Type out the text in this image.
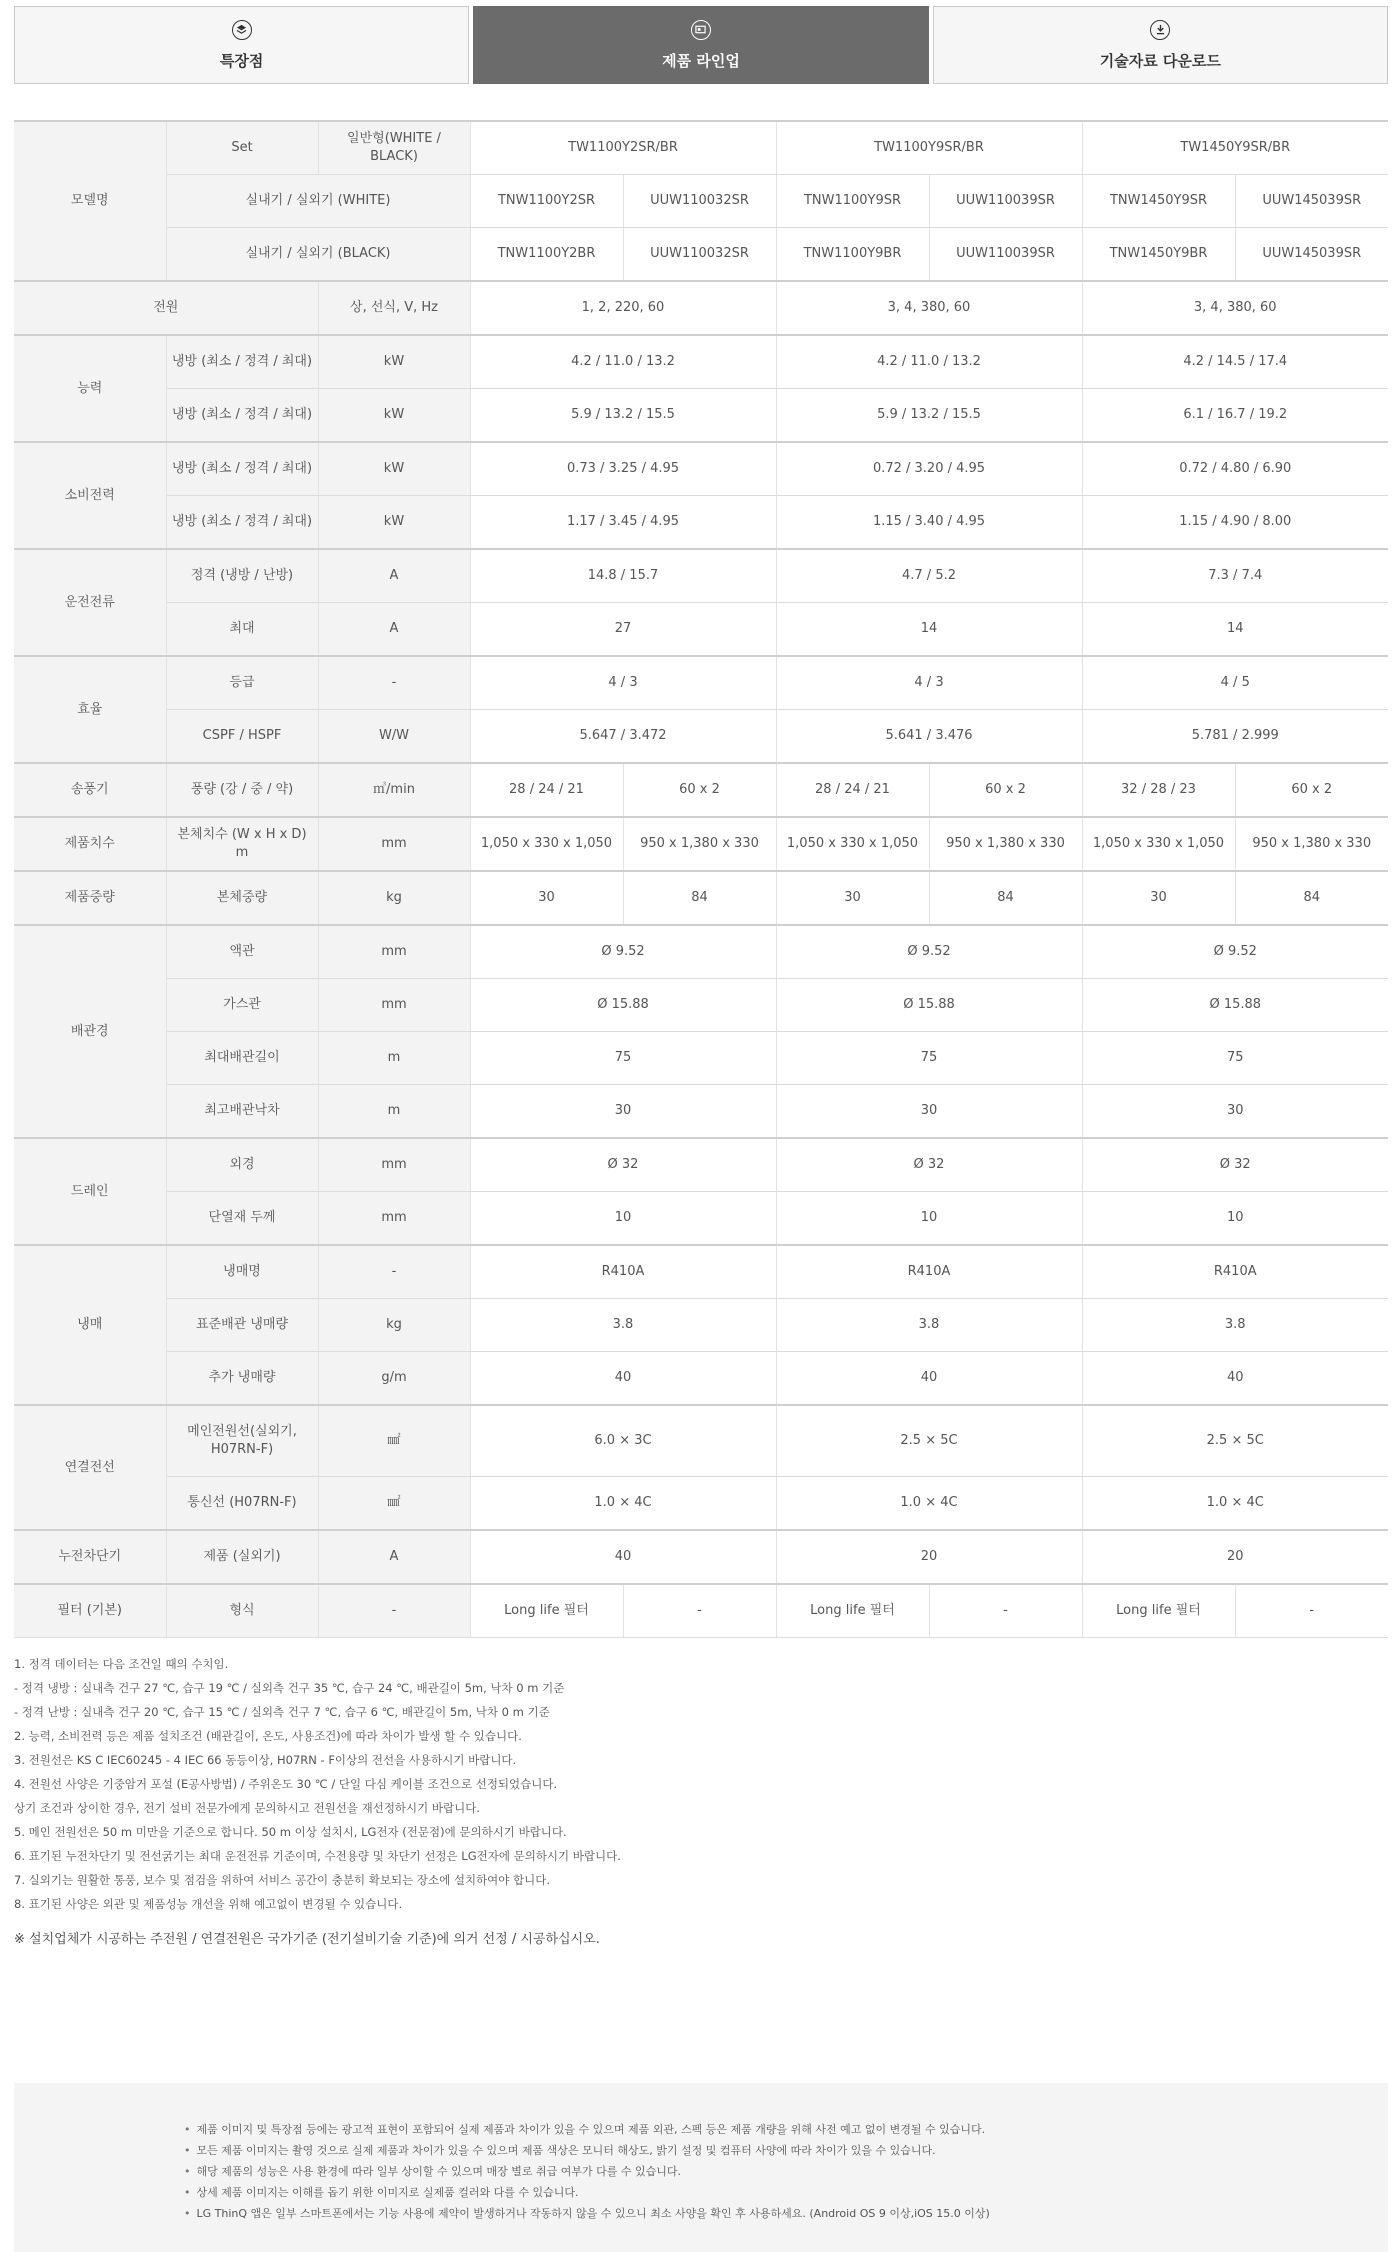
특장점	제품 라인업	기술자료 다운로드
모델명	Set	일반형(WHITE / BLACK)	TW1100Y2SR/BR		TW1100Y9SR/BR		TW1450Y9SR/BR	
	실내기 / 실외기 (WHITE)		TNW1100Y2SR	UUW110032SR	TNW1100Y9SR	UUW110039SR	TNW1450Y9SR	UUW145039SR
	실내기 / 실외기 (BLACK)		TNW1100Y2BR	UUW110032SR	TNW1100Y9BR	UUW110039SR	TNW1450Y9BR	UUW145039SR
전원		상, 선식, V, Hz	1, 2, 220, 60		3, 4, 380, 60		3, 4, 380, 60	
능력	냉방 (최소 / 정격 / 최대)	kW	4.2 / 11.0 / 13.2		4.2 / 11.0 / 13.2		4.2 / 14.5 / 17.4	
	냉방 (최소 / 정격 / 최대)	kW	5.9 / 13.2 / 15.5		5.9 / 13.2 / 15.5		6.1 / 16.7 / 19.2	
소비전력	냉방 (최소 / 정격 / 최대)	kW	0.73 / 3.25 / 4.95		0.72 / 3.20 / 4.95		0.72 / 4.80 / 6.90	
	냉방 (최소 / 정격 / 최대)	kW	1.17 / 3.45 / 4.95		1.15 / 3.40 / 4.95		1.15 / 4.90 / 8.00	
운전전류	정격 (냉방 / 난방)	A	14.8 / 15.7		4.7 / 5.2		7.3 / 7.4	
	최대	A	27		14		14	
효율	등급	-	4 / 3		4 / 3		4 / 5	
	CSPF / HSPF	W/W	5.647 / 3.472		5.641 / 3.476		5.781 / 2.999	
송풍기	풍량 (강 / 중 / 약)	㎥/min	28 / 24 / 21	60 x 2	28 / 24 / 21	60 x 2	32 / 28 / 23	60 x 2
제품치수	본체치수 (W x H x D) m	mm	1,050 x 330 x 1,050	950 x 1,380 x 330	1,050 x 330 x 1,050	950 x 1,380 x 330	1,050 x 330 x 1,050	950 x 1,380 x 330
제품중량	본체중량	kg	30	84	30	84	30	84
배관경	액관	mm	Ø 9.52		Ø 9.52		Ø 9.52	
	가스관	mm	Ø 15.88		Ø 15.88		Ø 15.88	
	최대배관길이	m	75		75		75	
	최고배관낙차	m	30		30		30	
드레인	외경	mm	Ø 32		Ø 32		Ø 32	
	단열재 두께	mm	10		10		10	
냉매	냉매명	-	R410A		R410A		R410A	
	표준배관 냉매량	kg	3.8		3.8		3.8	
	추가 냉매량	g/m	40		40		40	
연결전선	메인전원선(실외기, H07RN-F)	㎟	6.0 × 3C		2.5 × 5C		2.5 × 5C	
	통신선 (H07RN-F)	㎟	1.0 × 4C		1.0 × 4C		1.0 × 4C	
누전차단기	제품 (실외기)	A	40		20		20	
필터 (기본)	형식	-	Long life 필터	-	Long life 필터	-	Long life 필터	-
1. 정격 데이터는 다음 조건일 때의 수치임.
- 정격 냉방 : 실내측 건구 27 ℃, 습구 19 ℃ / 실외측 건구 35 ℃, 습구 24 ℃, 배관길이 5m, 낙차 0 m 기준
- 정격 난방 : 실내측 건구 20 ℃, 습구 15 ℃ / 실외측 건구 7 ℃, 습구 6 ℃, 배관길이 5m, 낙차 0 m 기준
2. 능력, 소비전력 등은 제품 설치조건 (배관길이, 온도, 사용조건)에 따라 차이가 발생 할 수 있습니다.
3. 전원선은 KS C IEC60245 - 4 IEC 66 동등이상, H07RN - F이상의 전선을 사용하시기 바랍니다.
4. 전원선 사양은 기중암거 포설 (E공사방법) / 주위온도 30 ℃ / 단일 다심 케이블 조건으로 선정되었습니다.
상기 조건과 상이한 경우, 전기 설비 전문가에게 문의하시고 전원선을 재선정하시기 바랍니다.
5. 메인 전원선은 50 m 미만을 기준으로 합니다. 50 m 이상 설치시, LG전자 (전문점)에 문의하시기 바랍니다.
6. 표기된 누전차단기 및 전선굵기는 최대 운전전류 기준이며, 수전용량 및 차단기 선정은 LG전자에 문의하시기 바랍니다.
7. 실외기는 원활한 통풍, 보수 및 점검을 위하여 서비스 공간이 충분히 확보되는 장소에 설치하여야 합니다.
8. 표기된 사양은 외관 및 제품성능 개선을 위해 예고없이 변경될 수 있습니다.
※ 설치업체가 시공하는 주전원 / 연결전원은 국가기준 (전기설비기술 기준)에 의거 선정 / 시공하십시오.
• 제품 이미지 및 특장점 등에는 광고적 표현이 포함되어 실제 제품과 차이가 있을 수 있으며 제품 외관, 스펙 등은 제품 개량을 위해 사전 예고 없이 변경될 수 있습니다.
• 모든 제품 이미지는 촬영 것으로 실제 제품과 차이가 있을 수 있으며 제품 색상은 모니터 해상도, 밝기 설정 및 컴퓨터 사양에 따라 차이가 있을 수 있습니다.
• 해당 제품의 성능은 사용 환경에 따라 일부 상이할 수 있으며 매장 별로 취급 여부가 다를 수 있습니다.
• 상세 제품 이미지는 이해를 돕기 위한 이미지로 실제품 컬러와 다를 수 있습니다.
• LG ThinQ 앱은 일부 스마트폰에서는 기능 사용에 제약이 발생하거나 작동하지 않을 수 있으니 최소 사양을 확인 후 사용하세요. (Android OS 9 이상,iOS 15.0 이상)
